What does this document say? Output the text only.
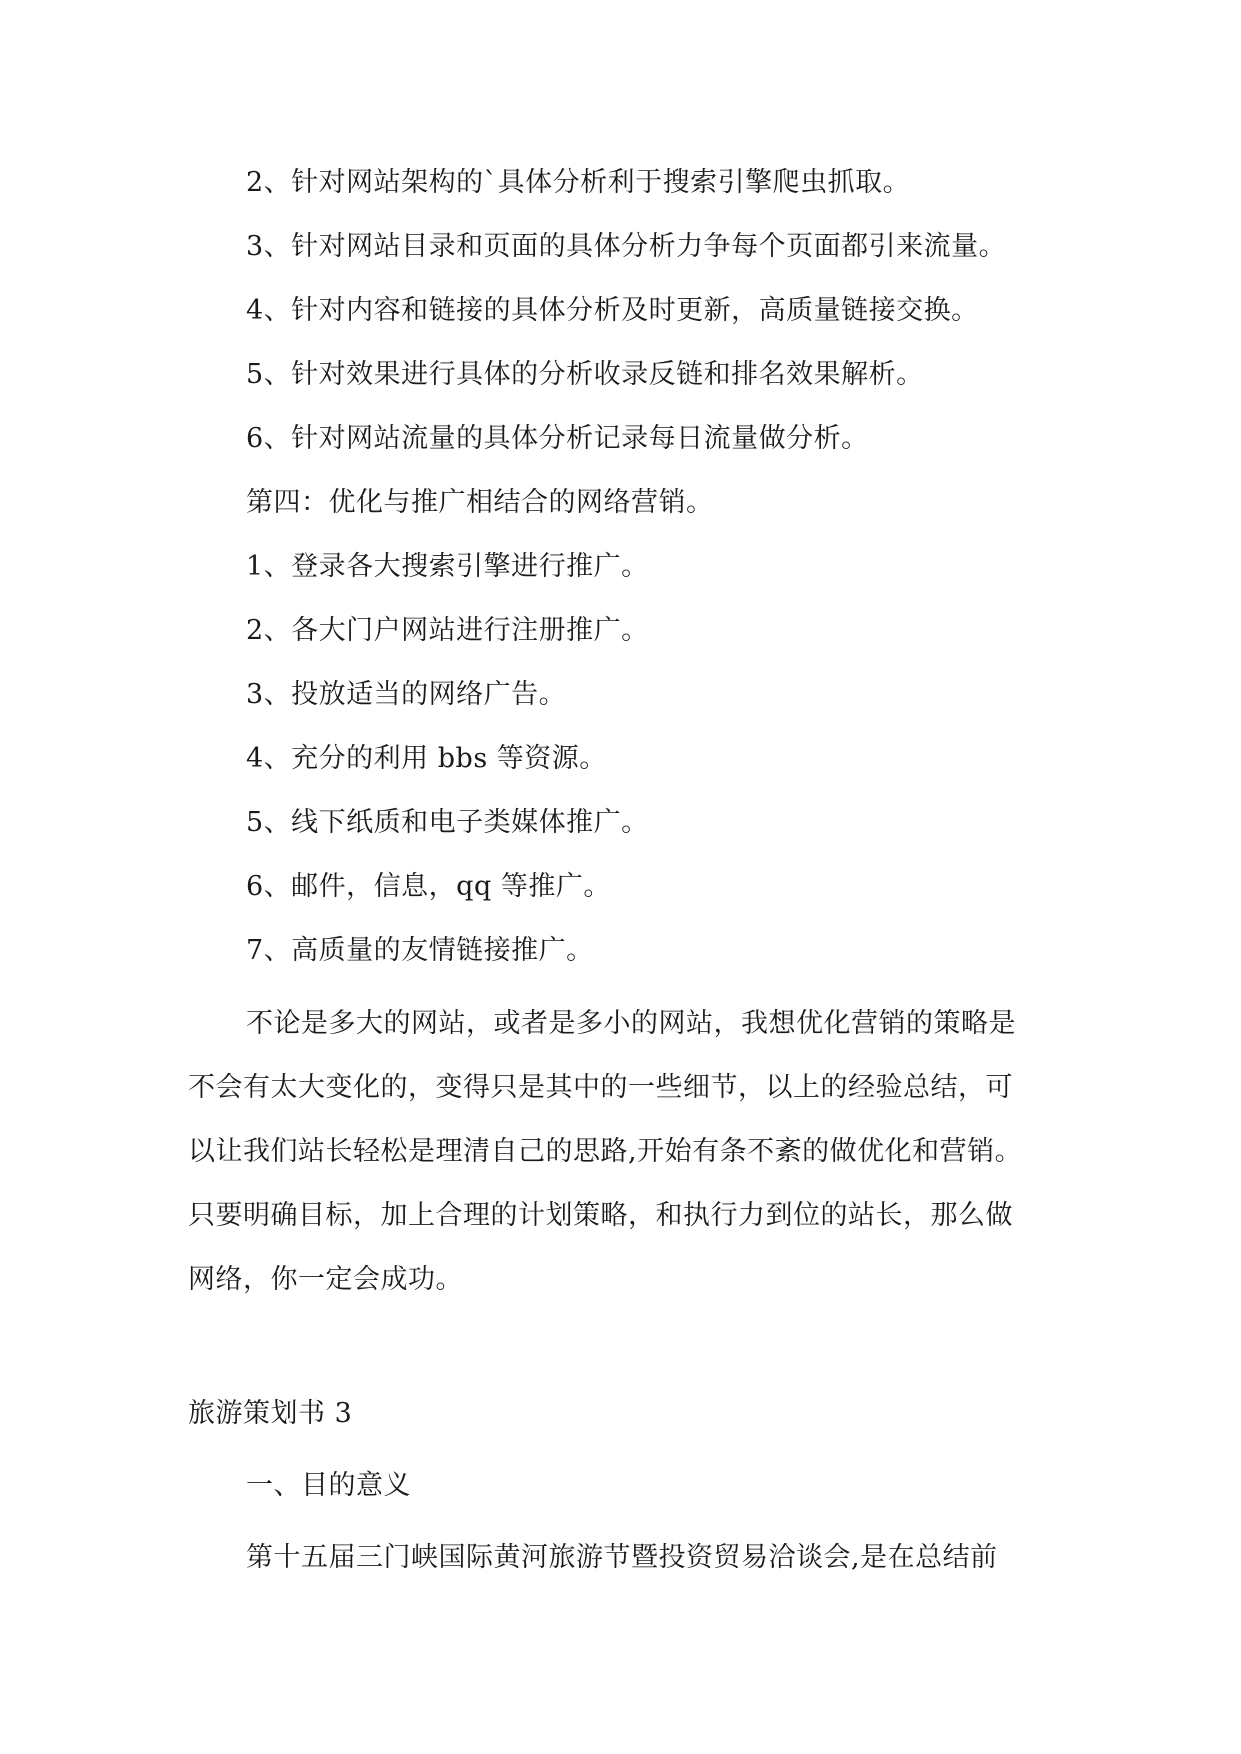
2、针对网站架构的`具体分析利于搜索引擎爬虫抓取。
3、针对网站目录和页面的具体分析力争每个页面都引来流量。
4、针对内容和链接的具体分析及时更新，高质量链接交换。
5、针对效果进行具体的分析收录反链和排名效果解析。
6、针对网站流量的具体分析记录每日流量做分析。
第四：优化与推广相结合的网络营销。
1、登录各大搜索引擎进行推广。
2、各大门户网站进行注册推广。
3、投放适当的网络广告。
4、充分的利用 bbs 等资源。
5、线下纸质和电子类媒体推广。
6、邮件，信息，qq 等推广。
7、高质量的友情链接推广。
不论是多大的网站，或者是多小的网站，我想优化营销的策略是
不会有太大变化的，变得只是其中的一些细节，以上的经验总结，可
以让我们站长轻松是理清自己的思路,开始有条不紊的做优化和营销。
只要明确目标，加上合理的计划策略，和执行力到位的站长，那么做
网络，你一定会成功。
旅游策划书 3
一、目的意义
第十五届三门峡国际黄河旅游节暨投资贸易洽谈会,是在总结前
